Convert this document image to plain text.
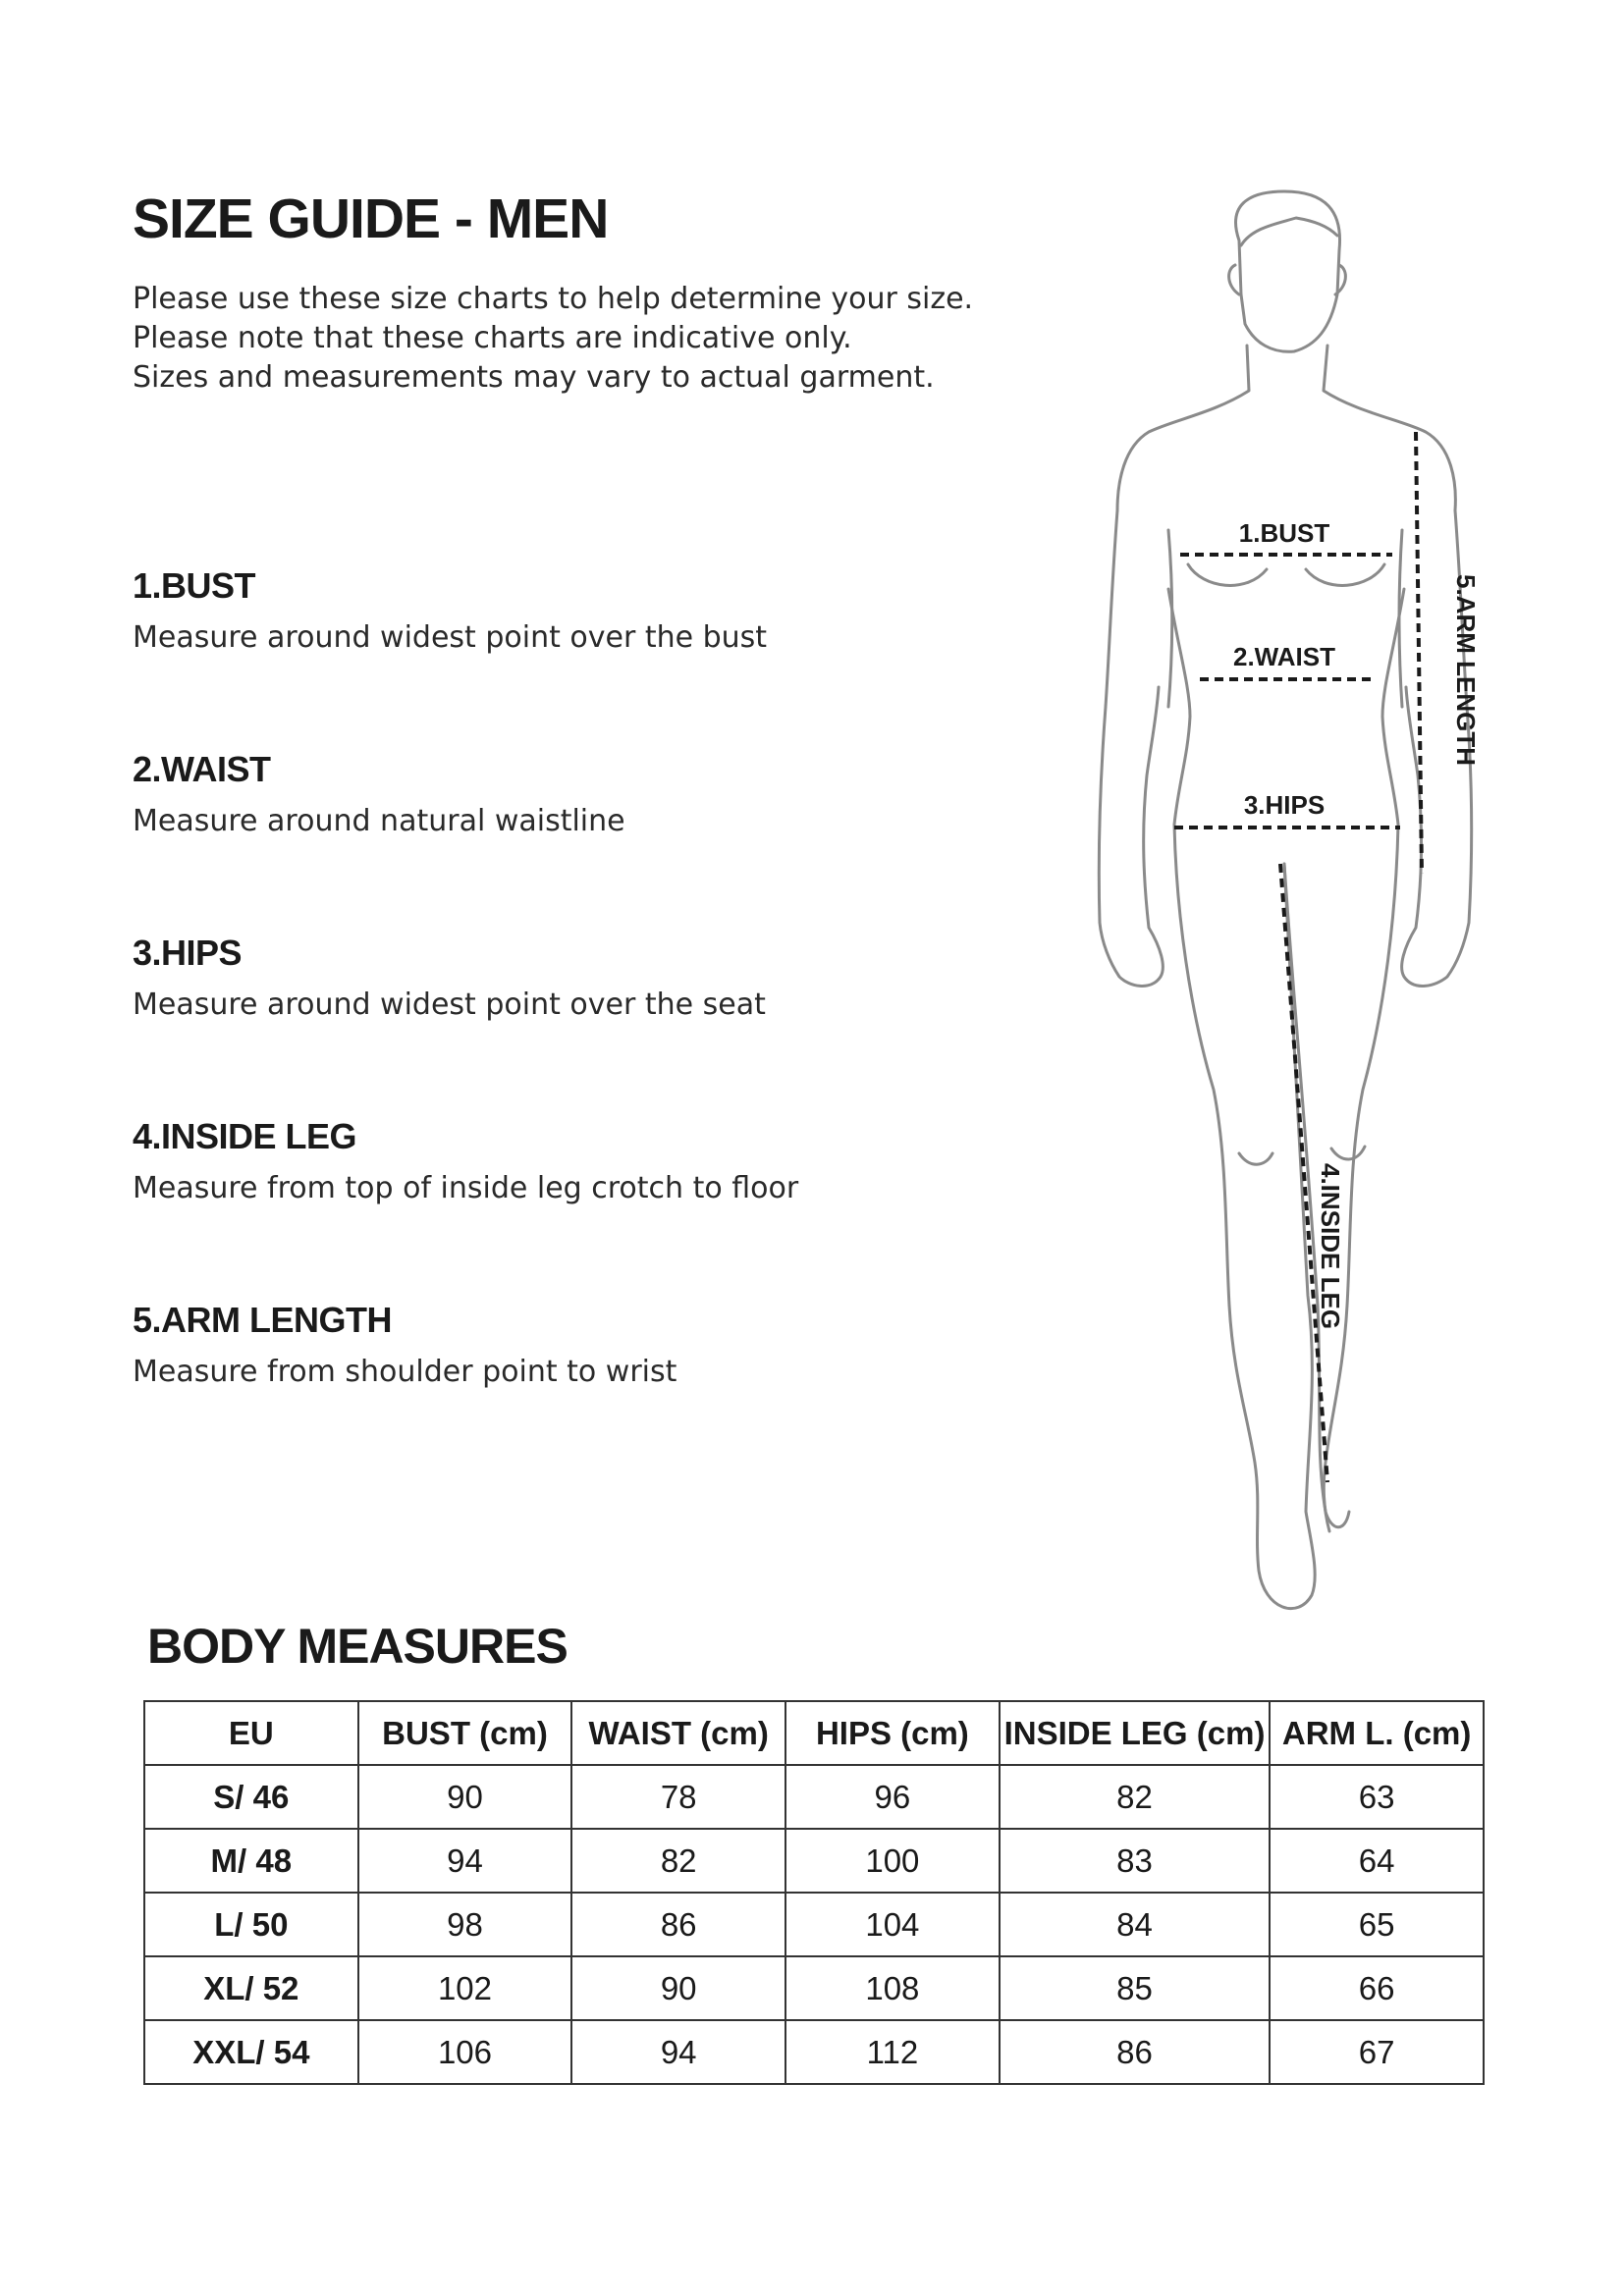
SIZE GUIDE - MEN
Please use these size charts to help determine your size.
Please note that these charts are indicative only.
Sizes and measurements may vary to actual garment.
1.BUST
Measure around widest point over the bust
2.WAIST
Measure around natural waistline
3.HIPS
Measure around widest point over the seat
4.INSIDE LEG
Measure from top of inside leg crotch to floor
5.ARM LENGTH
Measure from shoulder point to wrist
1.BUST
2.WAIST
3.HIPS
4.INSIDE LEG
5.ARM LENGTH
BODY MEASURES
EU	BUST (cm)	WAIST (cm)	HIPS (cm)	INSIDE LEG (cm)	ARM L. (cm)
S/ 46	90	78	96	82	63
M/ 48	94	82	100	83	64
L/ 50	98	86	104	84	65
XL/ 52	102	90	108	85	66
XXL/ 54	106	94	112	86	67
